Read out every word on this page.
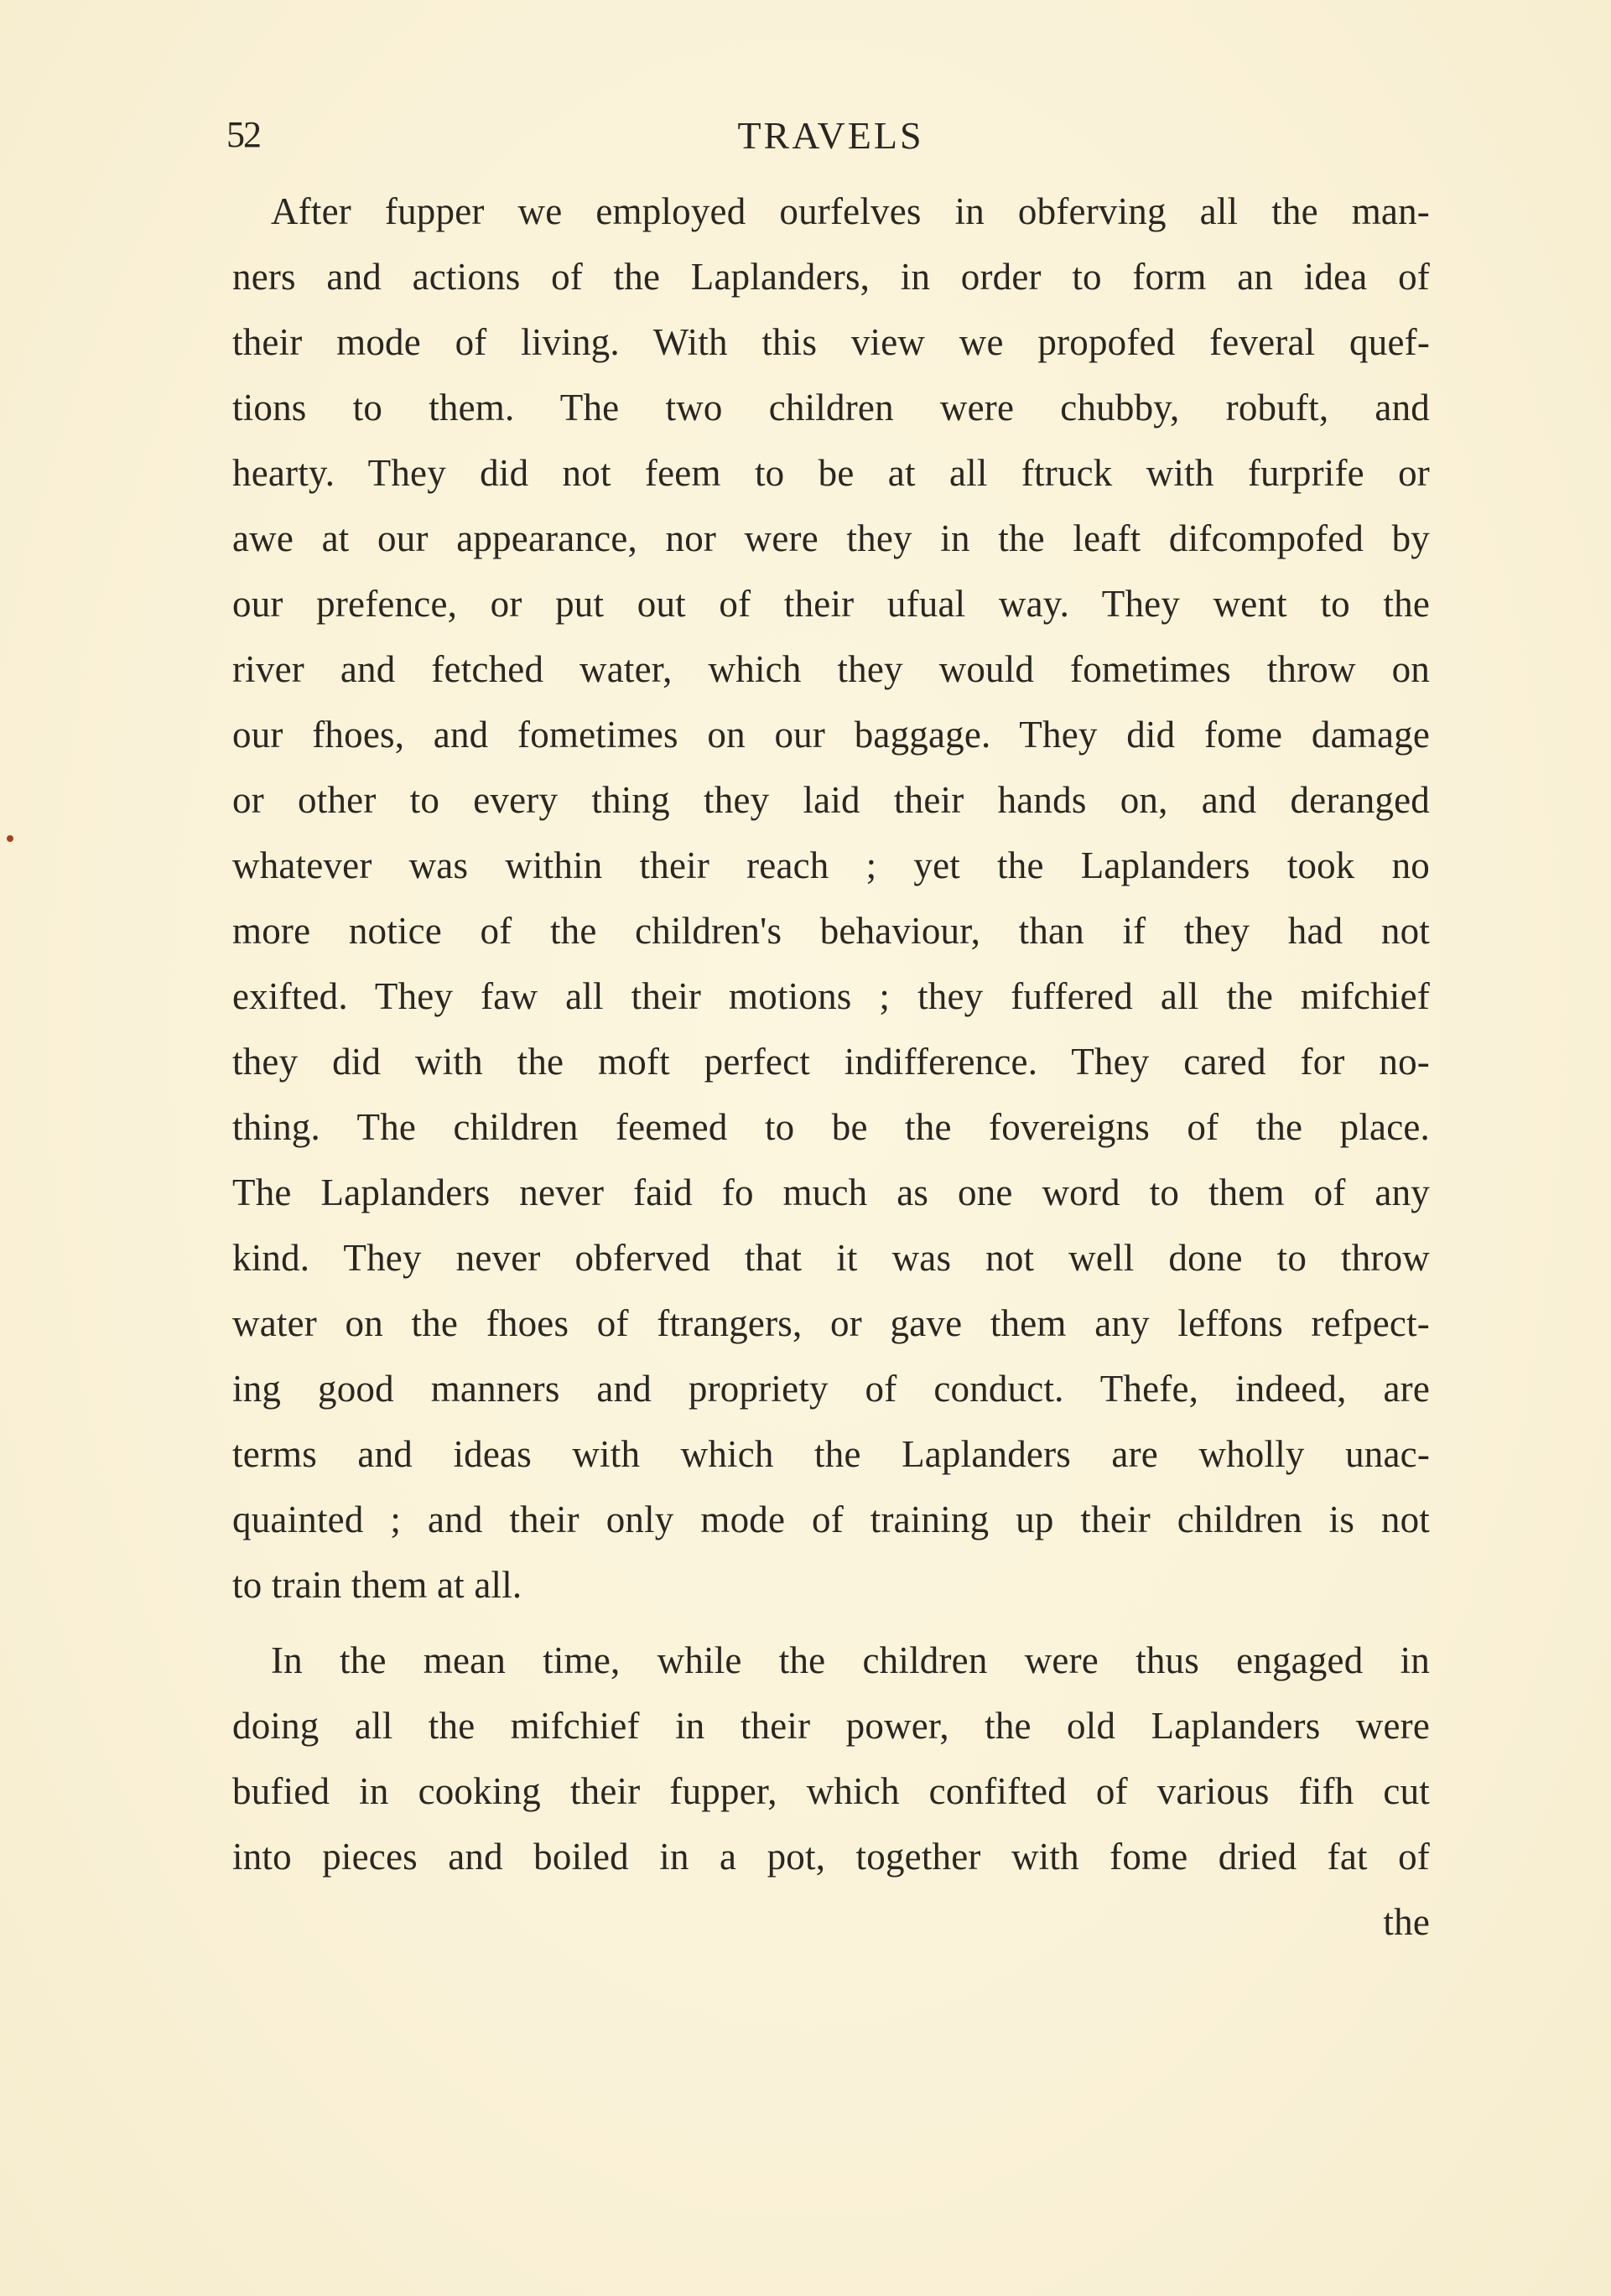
52	TRAVELS
After fupper we employed ourfelves in obferving all the man-
ners and actions of the Laplanders, in order to form an idea of
their mode of living. With this view we propofed feveral quef-
tions to them. The two children were chubby, robuft, and
hearty. They did not feem to be at all ftruck with furprife or
awe at our appearance, nor were they in the leaft difcompofed by
our prefence, or put out of their ufual way. They went to the
river and fetched water, which they would fometimes throw on
our fhoes, and fometimes on our baggage. They did fome damage
or other to every thing they laid their hands on, and deranged
whatever was within their reach ; yet the Laplanders took no
more notice of the children's behaviour, than if they had not
exifted. They faw all their motions ; they fuffered all the mifchief
they did with the moft perfect indifference. They cared for no-
thing. The children feemed to be the fovereigns of the place.
The Laplanders never faid fo much as one word to them of any
kind. They never obferved that it was not well done to throw
water on the fhoes of ftrangers, or gave them any leffons refpect-
ing good manners and propriety of conduct. Thefe, indeed, are
terms and ideas with which the Laplanders are wholly unac-
quainted ; and their only mode of training up their children is not
to train them at all.
In the mean time, while the children were thus engaged in
doing all the mifchief in their power, the old Laplanders were
bufied in cooking their fupper, which confifted of various fifh cut
into pieces and boiled in a pot, together with fome dried fat of
the
